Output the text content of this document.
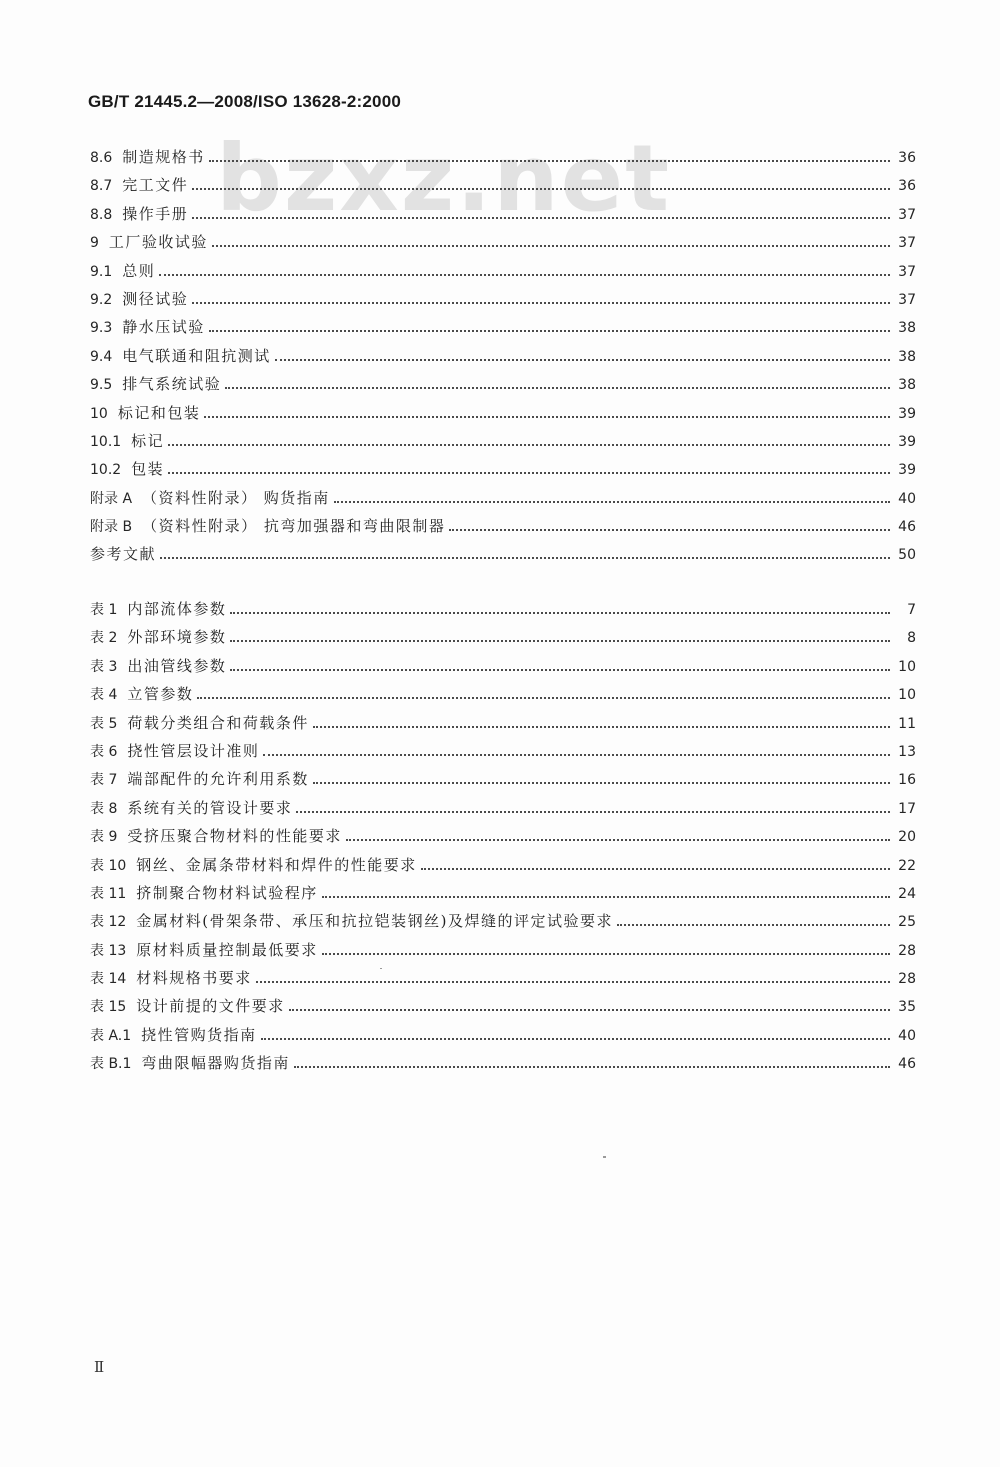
GB/T 21445.2—2008/ISO 13628-2:2000
bzxz.net
8.6 制造规格书	36
8.7 完工文件	36
8.8 操作手册	37
9 工厂验收试验	37
9.1 总则	37
9.2 测径试验	37
9.3 静水压试验	38
9.4 电气联通和阻抗测试	38
9.5 排气系统试验	38
10 标记和包装	39
10.1 标记	39
10.2 包装	39
附录 A （资料性附录） 购货指南	40
附录 B （资料性附录） 抗弯加强器和弯曲限制器	46
参考文献	50
表 1 内部流体参数	7
表 2 外部环境参数	8
表 3 出油管线参数	10
表 4 立管参数	10
表 5 荷载分类组合和荷载条件	11
表 6 挠性管层设计准则	13
表 7 端部配件的允许利用系数	16
表 8 系统有关的管设计要求	17
表 9 受挤压聚合物材料的性能要求	20
表 10 钢丝、金属条带材料和焊件的性能要求	22
表 11 挤制聚合物材料试验程序	24
表 12 金属材料(骨架条带、承压和抗拉铠装钢丝)及焊缝的评定试验要求	25
表 13 原材料质量控制最低要求	28
表 14 材料规格书要求	28
表 15 设计前提的文件要求	35
表 A.1 挠性管购货指南	40
表 B.1 弯曲限幅器购货指南	46
Ⅱ
